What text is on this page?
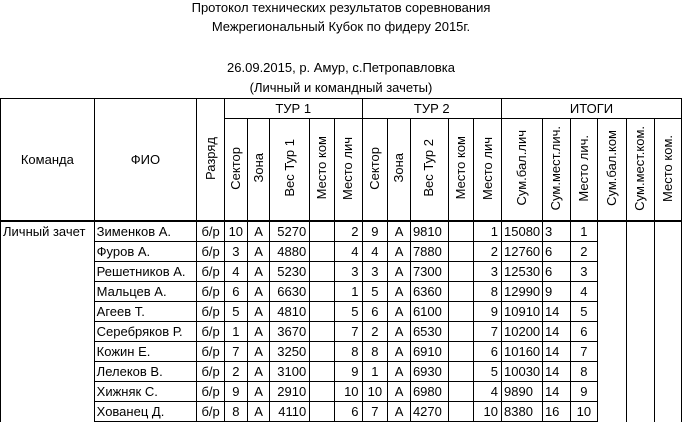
Протокол технических результатов соревнования
Межрегиональный Кубок по фидеру 2015г.
26.09.2015, р. Амур, с.Петропавловка
(Личный и командный зачеты)
Команда	ФИО	Разряд	ТУР 1					ТУР 2					ИТОГИ					
			Сектор	Зона	Вес Тур 1	Место ком	Место лич	Сектор	Зона	Вес Тур 2	Место ком	Место лич	Сум.бал.лич	Сум.мест.лич.	Место лич.	Сум.бал.ком	Сум.мест.ком.	Место ком.
Личный зачет	Зименков А.	б/р	10	A	5270		2	9	A	9810		1	15080	3	1			
	Фуров А.	б/р	3	A	4880		4	4	A	7880		2	12760	6	2			
	Решетников А.	б/р	4	A	5230		3	3	A	7300		3	12530	6	3			
	Мальцев А.	б/р	6	A	6630		1	5	A	6360		8	12990	9	4			
	Агеев Т.	б/р	5	A	4810		5	6	A	6100		9	10910	14	5			
	Серебряков Р.	б/р	1	A	3670		7	2	A	6530		7	10200	14	6			
	Кожин Е.	б/р	7	A	3250		8	8	A	6910		6	10160	14	7			
	Лелеков В.	б/р	2	A	3100		9	1	A	6930		5	10030	14	8			
	Хижняк С.	б/р	9	A	2910		10	10	A	6980		4	9890	14	9			
	Хованец Д.	б/р	8	A	4110		6	7	A	4270		10	8380	16	10			
